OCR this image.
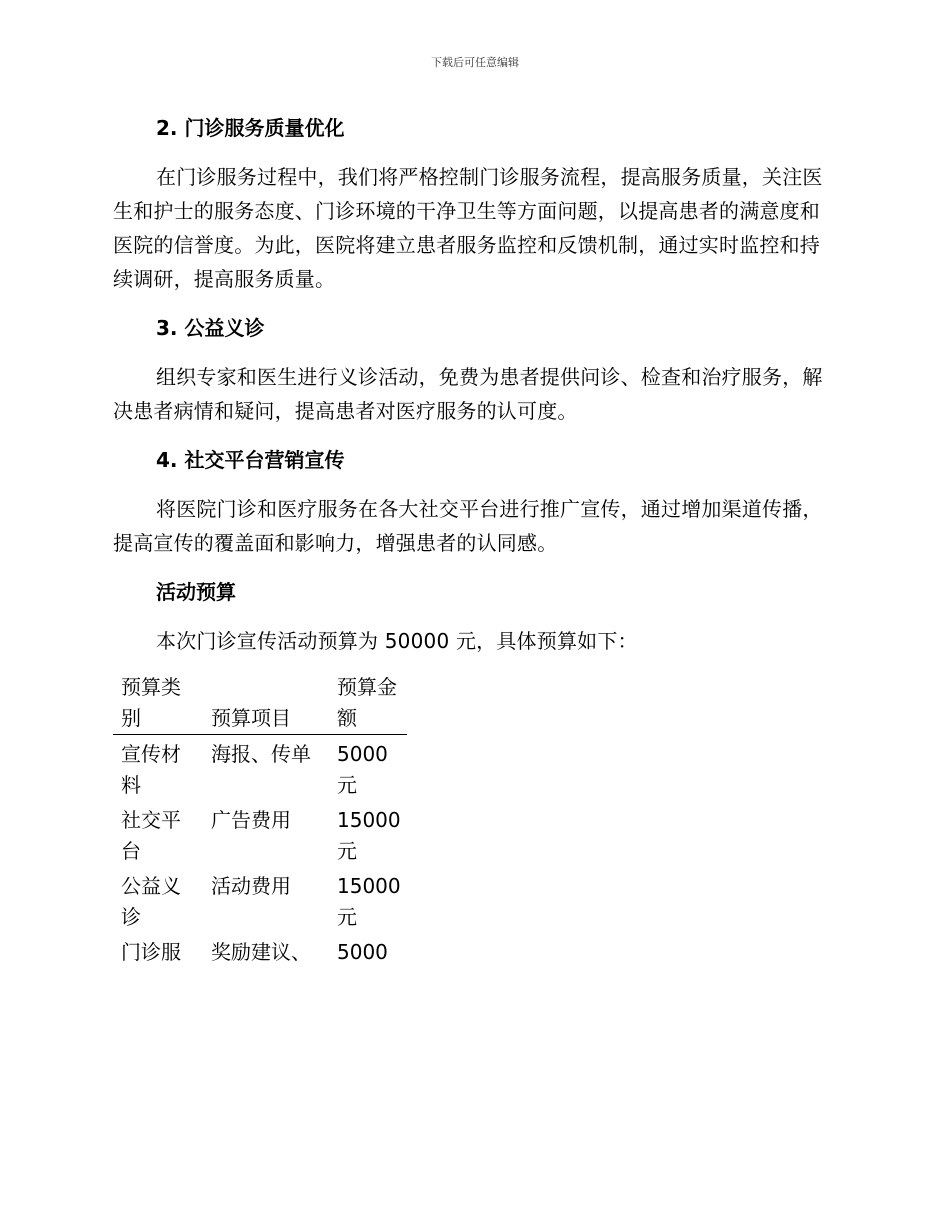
下载后可任意编辑
2. 门诊服务质量优化

在门诊服务过程中，我们将严格控制门诊服务流程，提高服务质量，关注医生和护士的服务态度、门诊环境的干净卫生等方面问题，以提高患者的满意度和医院的信誉度。为此，医院将建立患者服务监控和反馈机制，通过实时监控和持续调研，提高服务质量。

3. 公益义诊

组织专家和医生进行义诊活动，免费为患者提供问诊、检查和治疗服务，解决患者病情和疑问，提高患者对医疗服务的认可度。

4. 社交平台营销宣传

将医院门诊和医疗服务在各大社交平台进行推广宣传，通过增加渠道传播，提高宣传的覆盖面和影响力，增强患者的认同感。

活动预算

本次门诊宣传活动预算为 50000 元，具体预算如下：

预算类别	预算项目	预算金额
宣传材料	海报、传单	5000元
社交平台	广告费用	15000元
公益义诊	活动费用	15000元
门诊服	奖励建议、	5000
